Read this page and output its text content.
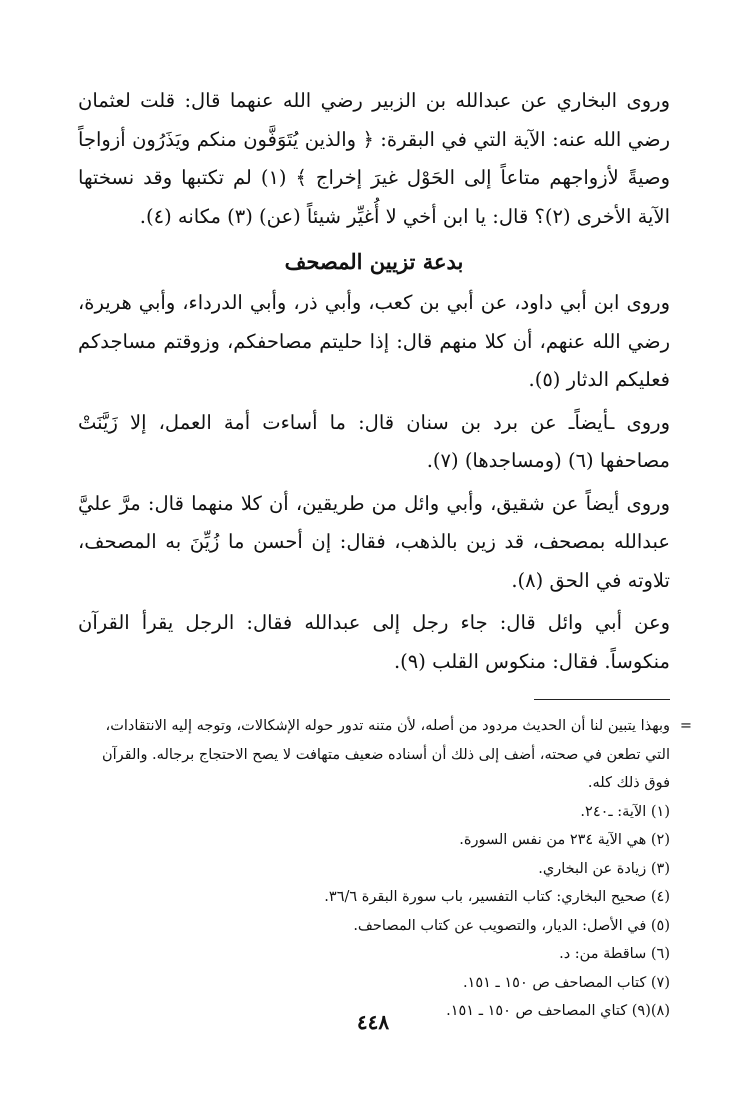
وروى البخاري عن عبدالله بن الزبير رضي الله عنهما قال: قلت لعثمان رضي الله عنه: الآية التي في البقرة: ﴿ والذين يُتَوَفَّون منكم ويَذَرُون أزواجاً وصيةً لأزواجهم متاعاً إلى الحَوْل غيرَ إخراج ﴾ (١) لم تكتبها وقد نسختها الآية الأخرى (٢)؟ قال: يا ابن أخي لا أُغيِّر شيئاً (عن) (٣) مكانه (٤).

بدعة تزيين المصحف

وروى ابن أبي داود، عن أبي بن كعب، وأبي ذر، وأبي الدرداء، وأبي هريرة، رضي الله عنهم، أن كلا منهم قال: إذا حليتم مصاحفكم، وزوقتم مساجدكم فعليكم الدثار (٥).

وروى ـأيضاًـ عن برد بن سنان قال: ما أساءت أمة العمل، إلا زَيَّنَتْ مصاحفها (٦) (ومساجدها) (٧).

وروى أيضاً عن شقيق، وأبي وائل من طريقين، أن كلا منهما قال: مرَّ عليَّ عبدالله بمصحف، قد زين بالذهب، فقال: إن أحسن ما زُيِّنَ به المصحف، تلاوته في الحق (٨).

وعن أبي وائل قال: جاء رجل إلى عبدالله فقال: الرجل يقرأ القرآن منكوساً. فقال: منكوس القلب (٩).

=
وبهذا يتبين لنا أن الحديث مردود من أصله، لأن متنه تدور حوله الإشكالات، وتوجه إليه الانتقادات، التي تطعن في صحته، أضف إلى ذلك أن أسناده ضعيف متهافت لا يصح الاحتجاج برجاله. والقرآن فوق ذلك كله.

(١) الآية: ـ٢٤٠.

(٢) هي الآية ٢٣٤ من نفس السورة.

(٣) زيادة عن البخاري.

(٤) صحيح البخاري: كتاب التفسير، باب سورة البقرة ٣٦/٦.

(٥) في الأصل: الديار، والتصويب عن كتاب المصاحف.

(٦) ساقطة من: د.

(٧) كتاب المصاحف ص ١٥٠ ـ ١٥١.

(٨)(٩) كتاي المصاحف ص ١٥٠ ـ ١٥١.

٤٤٨
